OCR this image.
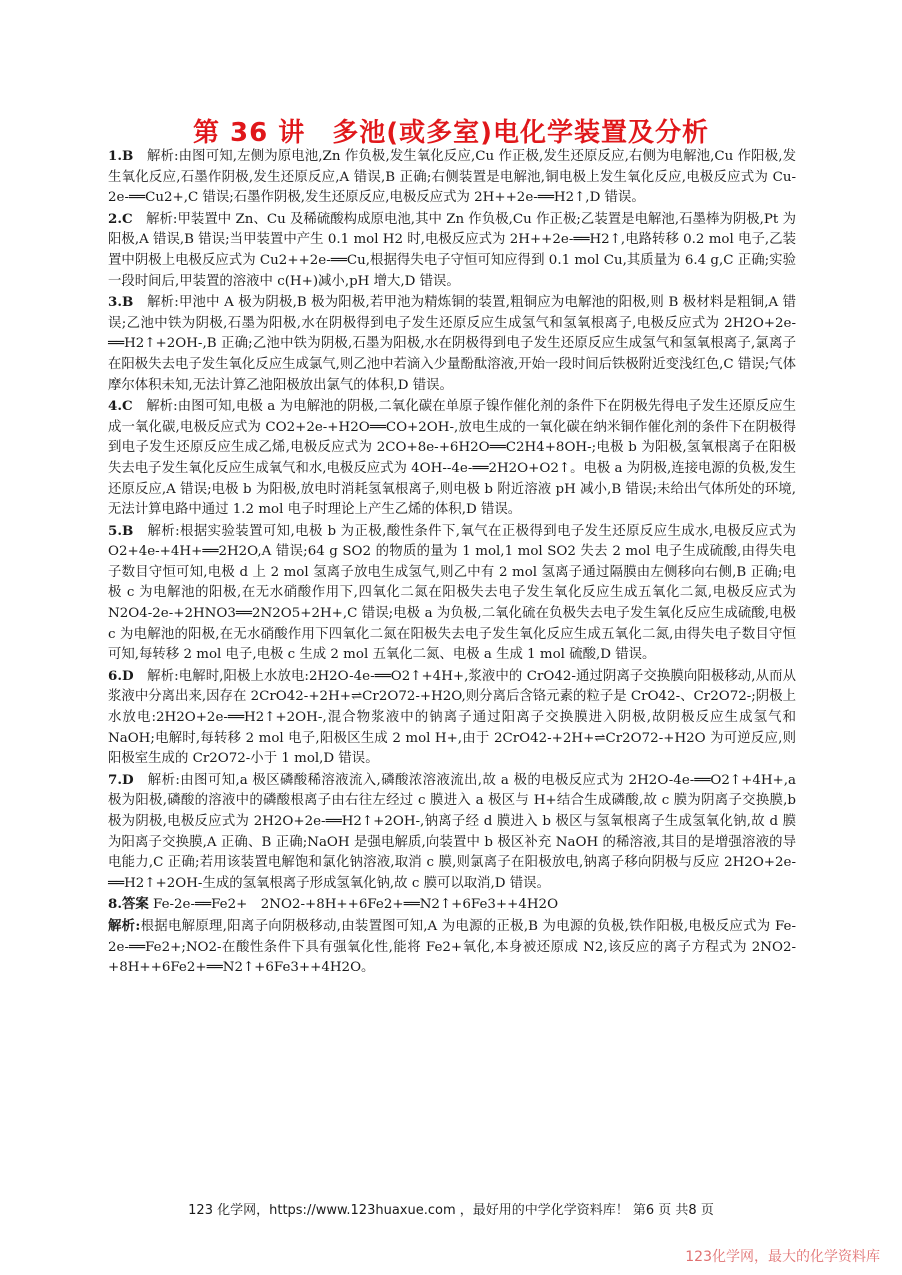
第 36 讲　多池(或多室)电化学装置及分析

1.B　解析:由图可知,左侧为原电池,Zn 作负极,发生氧化反应,Cu 作正极,发生还原反应,右侧为电解池,Cu 作阳极,发生氧化反应,石墨作阴极,发生还原反应,A 错误,B 正确;右侧装置是电解池,铜电极上发生氧化反应,电极反应式为 Cu-2e-══Cu2+,C 错误;石墨作阴极,发生还原反应,电极反应式为 2H++2e-══H2↑,D 错误。

2.C　解析:甲装置中 Zn、Cu 及稀硫酸构成原电池,其中 Zn 作负极,Cu 作正极;乙装置是电解池,石墨棒为阴极,Pt 为阳极,A 错误,B 错误;当甲装置中产生 0.1 mol H2 时,电极反应式为 2H++2e-══H2↑,电路转移 0.2 mol 电子,乙装置中阴极上电极反应式为 Cu2++2e-══Cu,根据得失电子守恒可知应得到 0.1 mol Cu,其质量为 6.4 g,C 正确;实验一段时间后,甲装置的溶液中 c(H+)减小,pH 增大,D 错误。

3.B　解析:甲池中 A 极为阴极,B 极为阳极,若甲池为精炼铜的装置,粗铜应为电解池的阳极,则 B 极材料是粗铜,A 错误;乙池中铁为阴极,石墨为阳极,水在阴极得到电子发生还原反应生成氢气和氢氧根离子,电极反应式为 2H2O+2e-══H2↑+2OH-,B 正确;乙池中铁为阴极,石墨为阳极,水在阴极得到电子发生还原反应生成氢气和氢氧根离子,氯离子在阳极失去电子发生氧化反应生成氯气,则乙池中若滴入少量酚酞溶液,开始一段时间后铁极附近变浅红色,C 错误;气体摩尔体积未知,无法计算乙池阳极放出氯气的体积,D 错误。

4.C　解析:由图可知,电极 a 为电解池的阴极,二氧化碳在单原子镍作催化剂的条件下在阴极先得电子发生还原反应生成一氧化碳,电极反应式为 CO2+2e-+H2O══CO+2OH-,放电生成的一氧化碳在纳米铜作催化剂的条件下在阴极得到电子发生还原反应生成乙烯,电极反应式为 2CO+8e-+6H2O══C2H4+8OH-;电极 b 为阳极,氢氧根离子在阳极失去电子发生氧化反应生成氧气和水,电极反应式为 4OH--4e-══2H2O+O2↑。电极 a 为阴极,连接电源的负极,发生还原反应,A 错误;电极 b 为阳极,放电时消耗氢氧根离子,则电极 b 附近溶液 pH 减小,B 错误;未给出气体所处的环境,无法计算电路中通过 1.2 mol 电子时理论上产生乙烯的体积,D 错误。

5.B　解析:根据实验装置可知,电极 b 为正极,酸性条件下,氧气在正极得到电子发生还原反应生成水,电极反应式为 O2+4e-+4H+══2H2O,A 错误;64 g SO2 的物质的量为 1 mol,1 mol SO2 失去 2 mol 电子生成硫酸,由得失电子数目守恒可知,电极 d 上 2 mol 氢离子放电生成氢气,则乙中有 2 mol 氢离子通过隔膜由左侧移向右侧,B 正确;电极 c 为电解池的阳极,在无水硝酸作用下,四氧化二氮在阳极失去电子发生氧化反应生成五氧化二氮,电极反应式为 N2O4-2e-+2HNO3══2N2O5+2H+,C 错误;电极 a 为负极,二氧化硫在负极失去电子发生氧化反应生成硫酸,电极 c 为电解池的阳极,在无水硝酸作用下四氧化二氮在阳极失去电子发生氧化反应生成五氧化二氮,由得失电子数目守恒可知,每转移 2 mol 电子,电极 c 生成 2 mol 五氧化二氮、电极 a 生成 1 mol 硫酸,D 错误。

6.D　解析:电解时,阳极上水放电:2H2O-4e-══O2↑+4H+,浆液中的 CrO42-通过阴离子交换膜向阳极移动,从而从浆液中分离出来,因存在 2CrO42-+2H+⇌Cr2O72-+H2O,则分离后含铬元素的粒子是 CrO42-、Cr2O72-;阴极上水放电:2H2O+2e-══H2↑+2OH-,混合物浆液中的钠离子通过阳离子交换膜进入阴极,故阴极反应生成氢气和 NaOH;电解时,每转移 2 mol 电子,阳极区生成 2 mol H+,由于 2CrO42-+2H+⇌Cr2O72-+H2O 为可逆反应,则阳极室生成的 Cr2O72-小于 1 mol,D 错误。

7.D　解析:由图可知,a 极区磷酸稀溶液流入,磷酸浓溶液流出,故 a 极的电极反应式为 2H2O-4e-══O2↑+4H+,a 极为阳极,磷酸的溶液中的磷酸根离子由右往左经过 c 膜进入 a 极区与 H+结合生成磷酸,故 c 膜为阴离子交换膜,b 极为阴极,电极反应式为 2H2O+2e-══H2↑+2OH-,钠离子经 d 膜进入 b 极区与氢氧根离子生成氢氧化钠,故 d 膜为阳离子交换膜,A 正确、B 正确;NaOH 是强电解质,向装置中 b 极区补充 NaOH 的稀溶液,其目的是增强溶液的导电能力,C 正确;若用该装置电解饱和氯化钠溶液,取消 c 膜,则氯离子在阳极放电,钠离子移向阴极与反应 2H2O+2e-══H2↑+2OH-生成的氢氧根离子形成氢氧化钠,故 c 膜可以取消,D 错误。

8.答案 Fe-2e-══Fe2+　2NO2-+8H++6Fe2+══N2↑+6Fe3++4H2O

解析:根据电解原理,阳离子向阴极移动,由装置图可知,A 为电源的正极,B 为电源的负极,铁作阳极,电极反应式为 Fe-2e-══Fe2+;NO2-在酸性条件下具有强氧化性,能将 Fe2+氧化,本身被还原成 N2,该反应的离子方程式为 2NO2-+8H++6Fe2+══N2↑+6Fe3++4H2O。

123 化学网，https://www.123huaxue.com ，最好用的中学化学资料库！ 第6 页 共8 页
123化学网，最大的化学资料库
